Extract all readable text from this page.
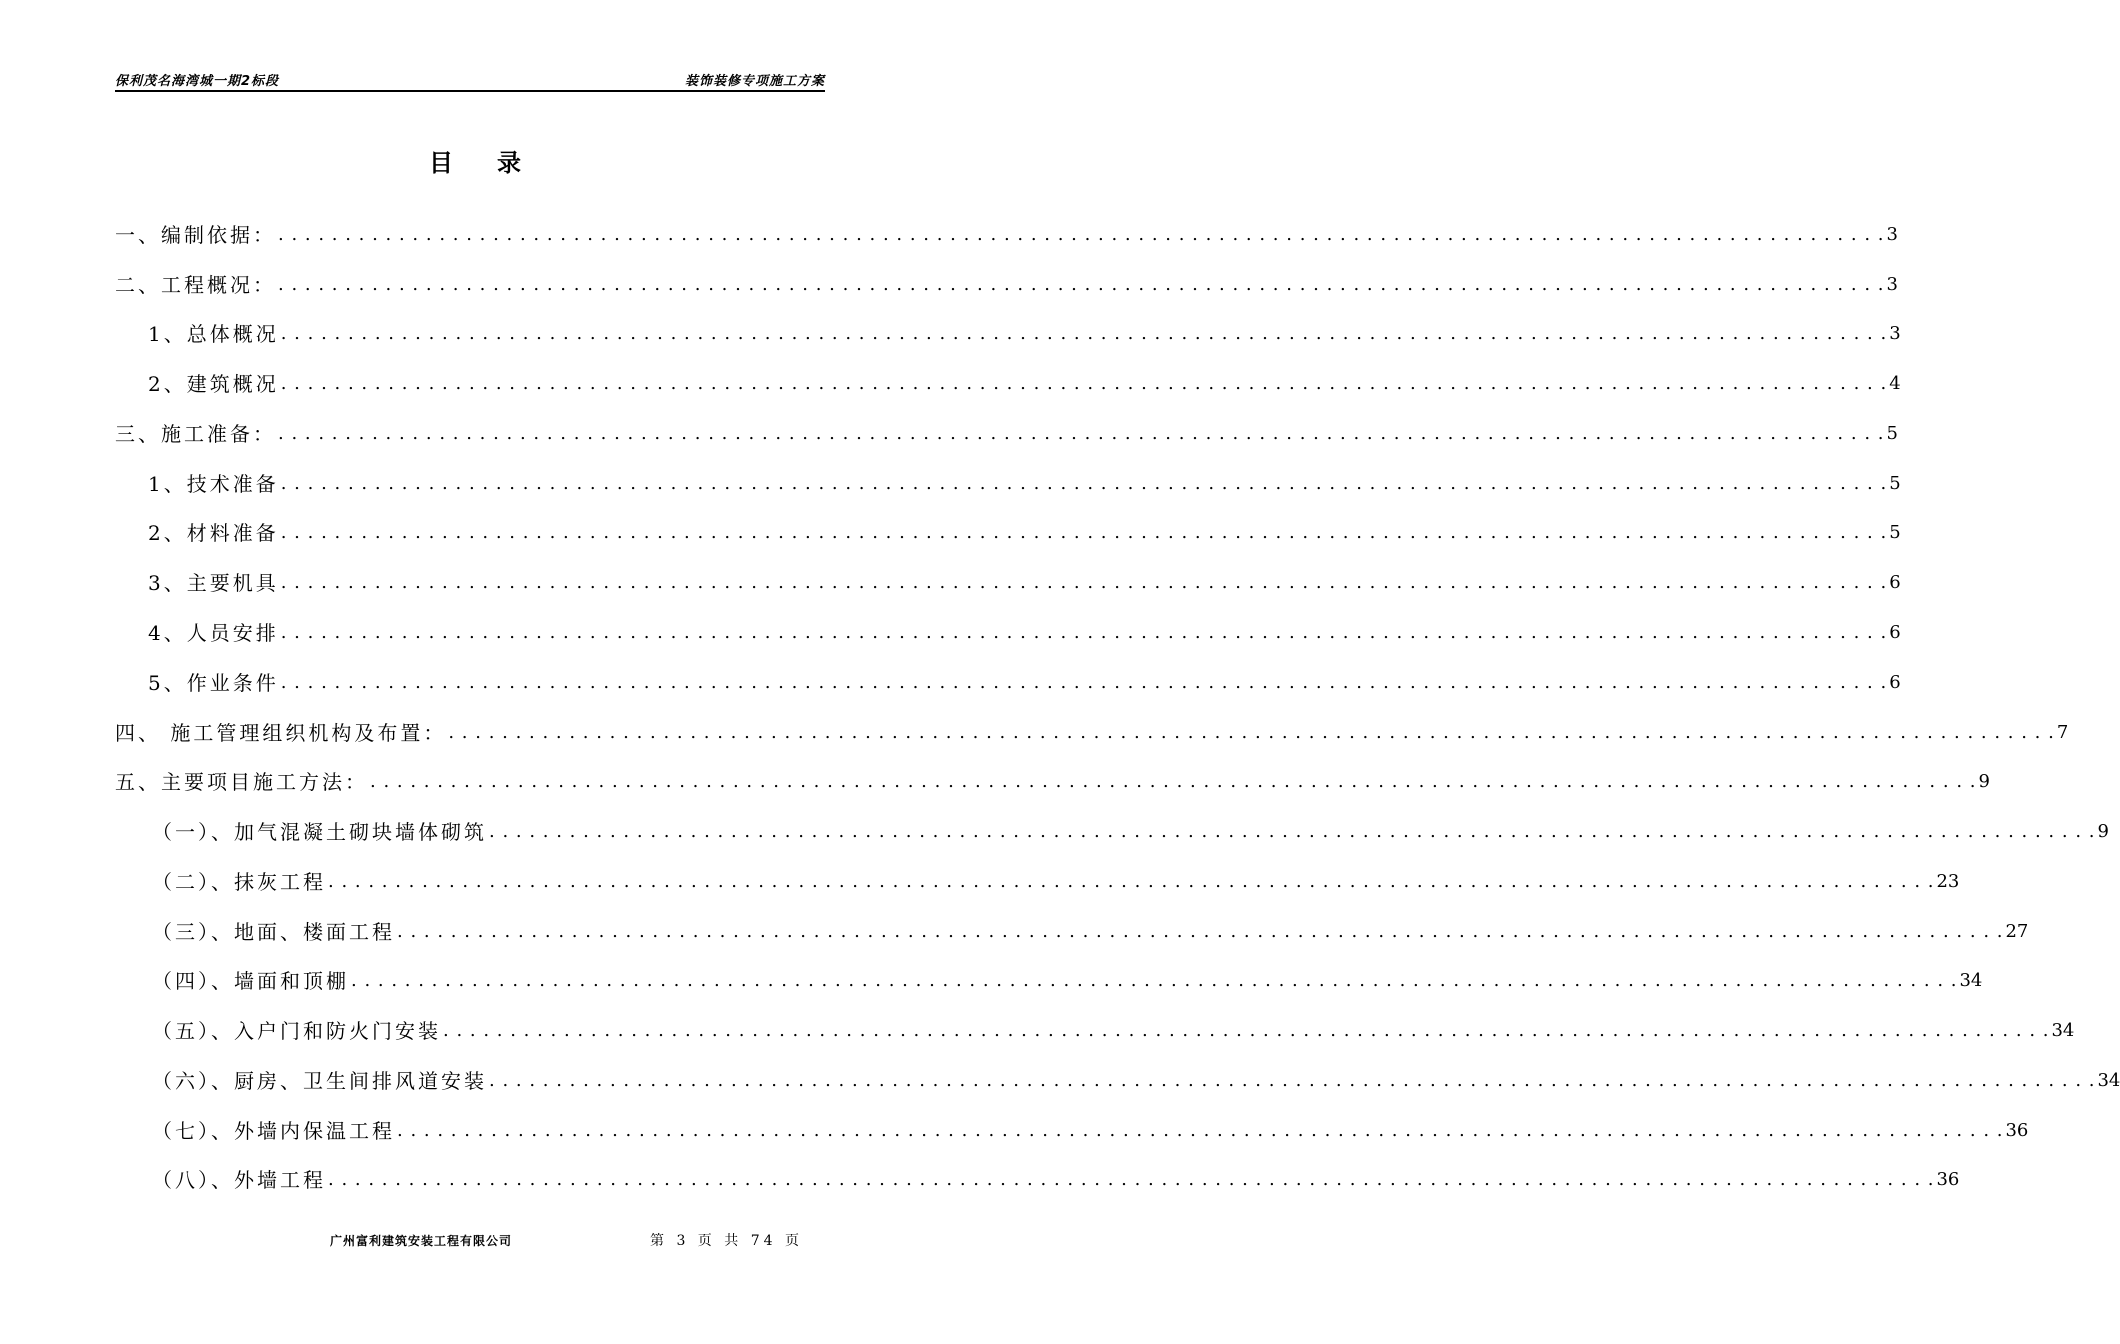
保利茂名海湾城一期2标段	装饰装修专项施工方案
目录
一、编制依据： . . . . . . . . . . . . . . . . . . . . . . . . . . . . . . . . . . . . . . . . . . . . . . . . . . . . . . . . . . . . . . . . . . . . . . . . . . . . . . . . . . . . . . . . . . . . . . . . . . . . . . . . . . . . . . . . . . . . . . . . 3
二、工程概况： . . . . . . . . . . . . . . . . . . . . . . . . . . . . . . . . . . . . . . . . . . . . . . . . . . . . . . . . . . . . . . . . . . . . . . . . . . . . . . . . . . . . . . . . . . . . . . . . . . . . . . . . . . . . . . . . . . . . . . . . 3
1、总体概况 . . . . . . . . . . . . . . . . . . . . . . . . . . . . . . . . . . . . . . . . . . . . . . . . . . . . . . . . . . . . . . . . . . . . . . . . . . . . . . . . . . . . . . . . . . . . . . . . . . . . . . . . . . . . . . . . . . . . . . . . 3
2、建筑概况 . . . . . . . . . . . . . . . . . . . . . . . . . . . . . . . . . . . . . . . . . . . . . . . . . . . . . . . . . . . . . . . . . . . . . . . . . . . . . . . . . . . . . . . . . . . . . . . . . . . . . . . . . . . . . . . . . . . . . . . . 4
三、施工准备： . . . . . . . . . . . . . . . . . . . . . . . . . . . . . . . . . . . . . . . . . . . . . . . . . . . . . . . . . . . . . . . . . . . . . . . . . . . . . . . . . . . . . . . . . . . . . . . . . . . . . . . . . . . . . . . . . . . . . . . . 5
1、技术准备 . . . . . . . . . . . . . . . . . . . . . . . . . . . . . . . . . . . . . . . . . . . . . . . . . . . . . . . . . . . . . . . . . . . . . . . . . . . . . . . . . . . . . . . . . . . . . . . . . . . . . . . . . . . . . . . . . . . . . . . . 5
2、材料准备 . . . . . . . . . . . . . . . . . . . . . . . . . . . . . . . . . . . . . . . . . . . . . . . . . . . . . . . . . . . . . . . . . . . . . . . . . . . . . . . . . . . . . . . . . . . . . . . . . . . . . . . . . . . . . . . . . . . . . . . . 5
3、主要机具 . . . . . . . . . . . . . . . . . . . . . . . . . . . . . . . . . . . . . . . . . . . . . . . . . . . . . . . . . . . . . . . . . . . . . . . . . . . . . . . . . . . . . . . . . . . . . . . . . . . . . . . . . . . . . . . . . . . . . . . . 6
4、人员安排 . . . . . . . . . . . . . . . . . . . . . . . . . . . . . . . . . . . . . . . . . . . . . . . . . . . . . . . . . . . . . . . . . . . . . . . . . . . . . . . . . . . . . . . . . . . . . . . . . . . . . . . . . . . . . . . . . . . . . . . . 6
5、作业条件 . . . . . . . . . . . . . . . . . . . . . . . . . . . . . . . . . . . . . . . . . . . . . . . . . . . . . . . . . . . . . . . . . . . . . . . . . . . . . . . . . . . . . . . . . . . . . . . . . . . . . . . . . . . . . . . . . . . . . . . . 6
四、 施工管理组织机构及布置： . . . . . . . . . . . . . . . . . . . . . . . . . . . . . . . . . . . . . . . . . . . . . . . . . . . . . . . . . . . . . . . . . . . . . . . . . . . . . . . . . . . . . . . . . . . . . . . . . . . . . . . . . . . . . . . . . . . . . . . . 7
五、主要项目施工方法： . . . . . . . . . . . . . . . . . . . . . . . . . . . . . . . . . . . . . . . . . . . . . . . . . . . . . . . . . . . . . . . . . . . . . . . . . . . . . . . . . . . . . . . . . . . . . . . . . . . . . . . . . . . . . . . . . . . . . . . . 9
（一）、加气混凝土砌块墙体砌筑 . . . . . . . . . . . . . . . . . . . . . . . . . . . . . . . . . . . . . . . . . . . . . . . . . . . . . . . . . . . . . . . . . . . . . . . . . . . . . . . . . . . . . . . . . . . . . . . . . . . . . . . . . . . . . . . . . . . . . . . . 9
（二）、抹灰工程 . . . . . . . . . . . . . . . . . . . . . . . . . . . . . . . . . . . . . . . . . . . . . . . . . . . . . . . . . . . . . . . . . . . . . . . . . . . . . . . . . . . . . . . . . . . . . . . . . . . . . . . . . . . . . . . . . . . . . . . . 23
（三）、地面、楼面工程 . . . . . . . . . . . . . . . . . . . . . . . . . . . . . . . . . . . . . . . . . . . . . . . . . . . . . . . . . . . . . . . . . . . . . . . . . . . . . . . . . . . . . . . . . . . . . . . . . . . . . . . . . . . . . . . . . . . . . . . . 27
（四）、墙面和顶棚 . . . . . . . . . . . . . . . . . . . . . . . . . . . . . . . . . . . . . . . . . . . . . . . . . . . . . . . . . . . . . . . . . . . . . . . . . . . . . . . . . . . . . . . . . . . . . . . . . . . . . . . . . . . . . . . . . . . . . . . . 34
（五）、入户门和防火门安装 . . . . . . . . . . . . . . . . . . . . . . . . . . . . . . . . . . . . . . . . . . . . . . . . . . . . . . . . . . . . . . . . . . . . . . . . . . . . . . . . . . . . . . . . . . . . . . . . . . . . . . . . . . . . . . . . . . . . . . . . 34
（六）、厨房、卫生间排风道安装 . . . . . . . . . . . . . . . . . . . . . . . . . . . . . . . . . . . . . . . . . . . . . . . . . . . . . . . . . . . . . . . . . . . . . . . . . . . . . . . . . . . . . . . . . . . . . . . . . . . . . . . . . . . . . . . . . . . . . . . . 34
（七）、外墙内保温工程 . . . . . . . . . . . . . . . . . . . . . . . . . . . . . . . . . . . . . . . . . . . . . . . . . . . . . . . . . . . . . . . . . . . . . . . . . . . . . . . . . . . . . . . . . . . . . . . . . . . . . . . . . . . . . . . . . . . . . . . . 36
（八）、外墙工程 . . . . . . . . . . . . . . . . . . . . . . . . . . . . . . . . . . . . . . . . . . . . . . . . . . . . . . . . . . . . . . . . . . . . . . . . . . . . . . . . . . . . . . . . . . . . . . . . . . . . . . . . . . . . . . . . . . . . . . . . 36
广州富利建筑安装工程有限公司	第 3 页 共 74 页
